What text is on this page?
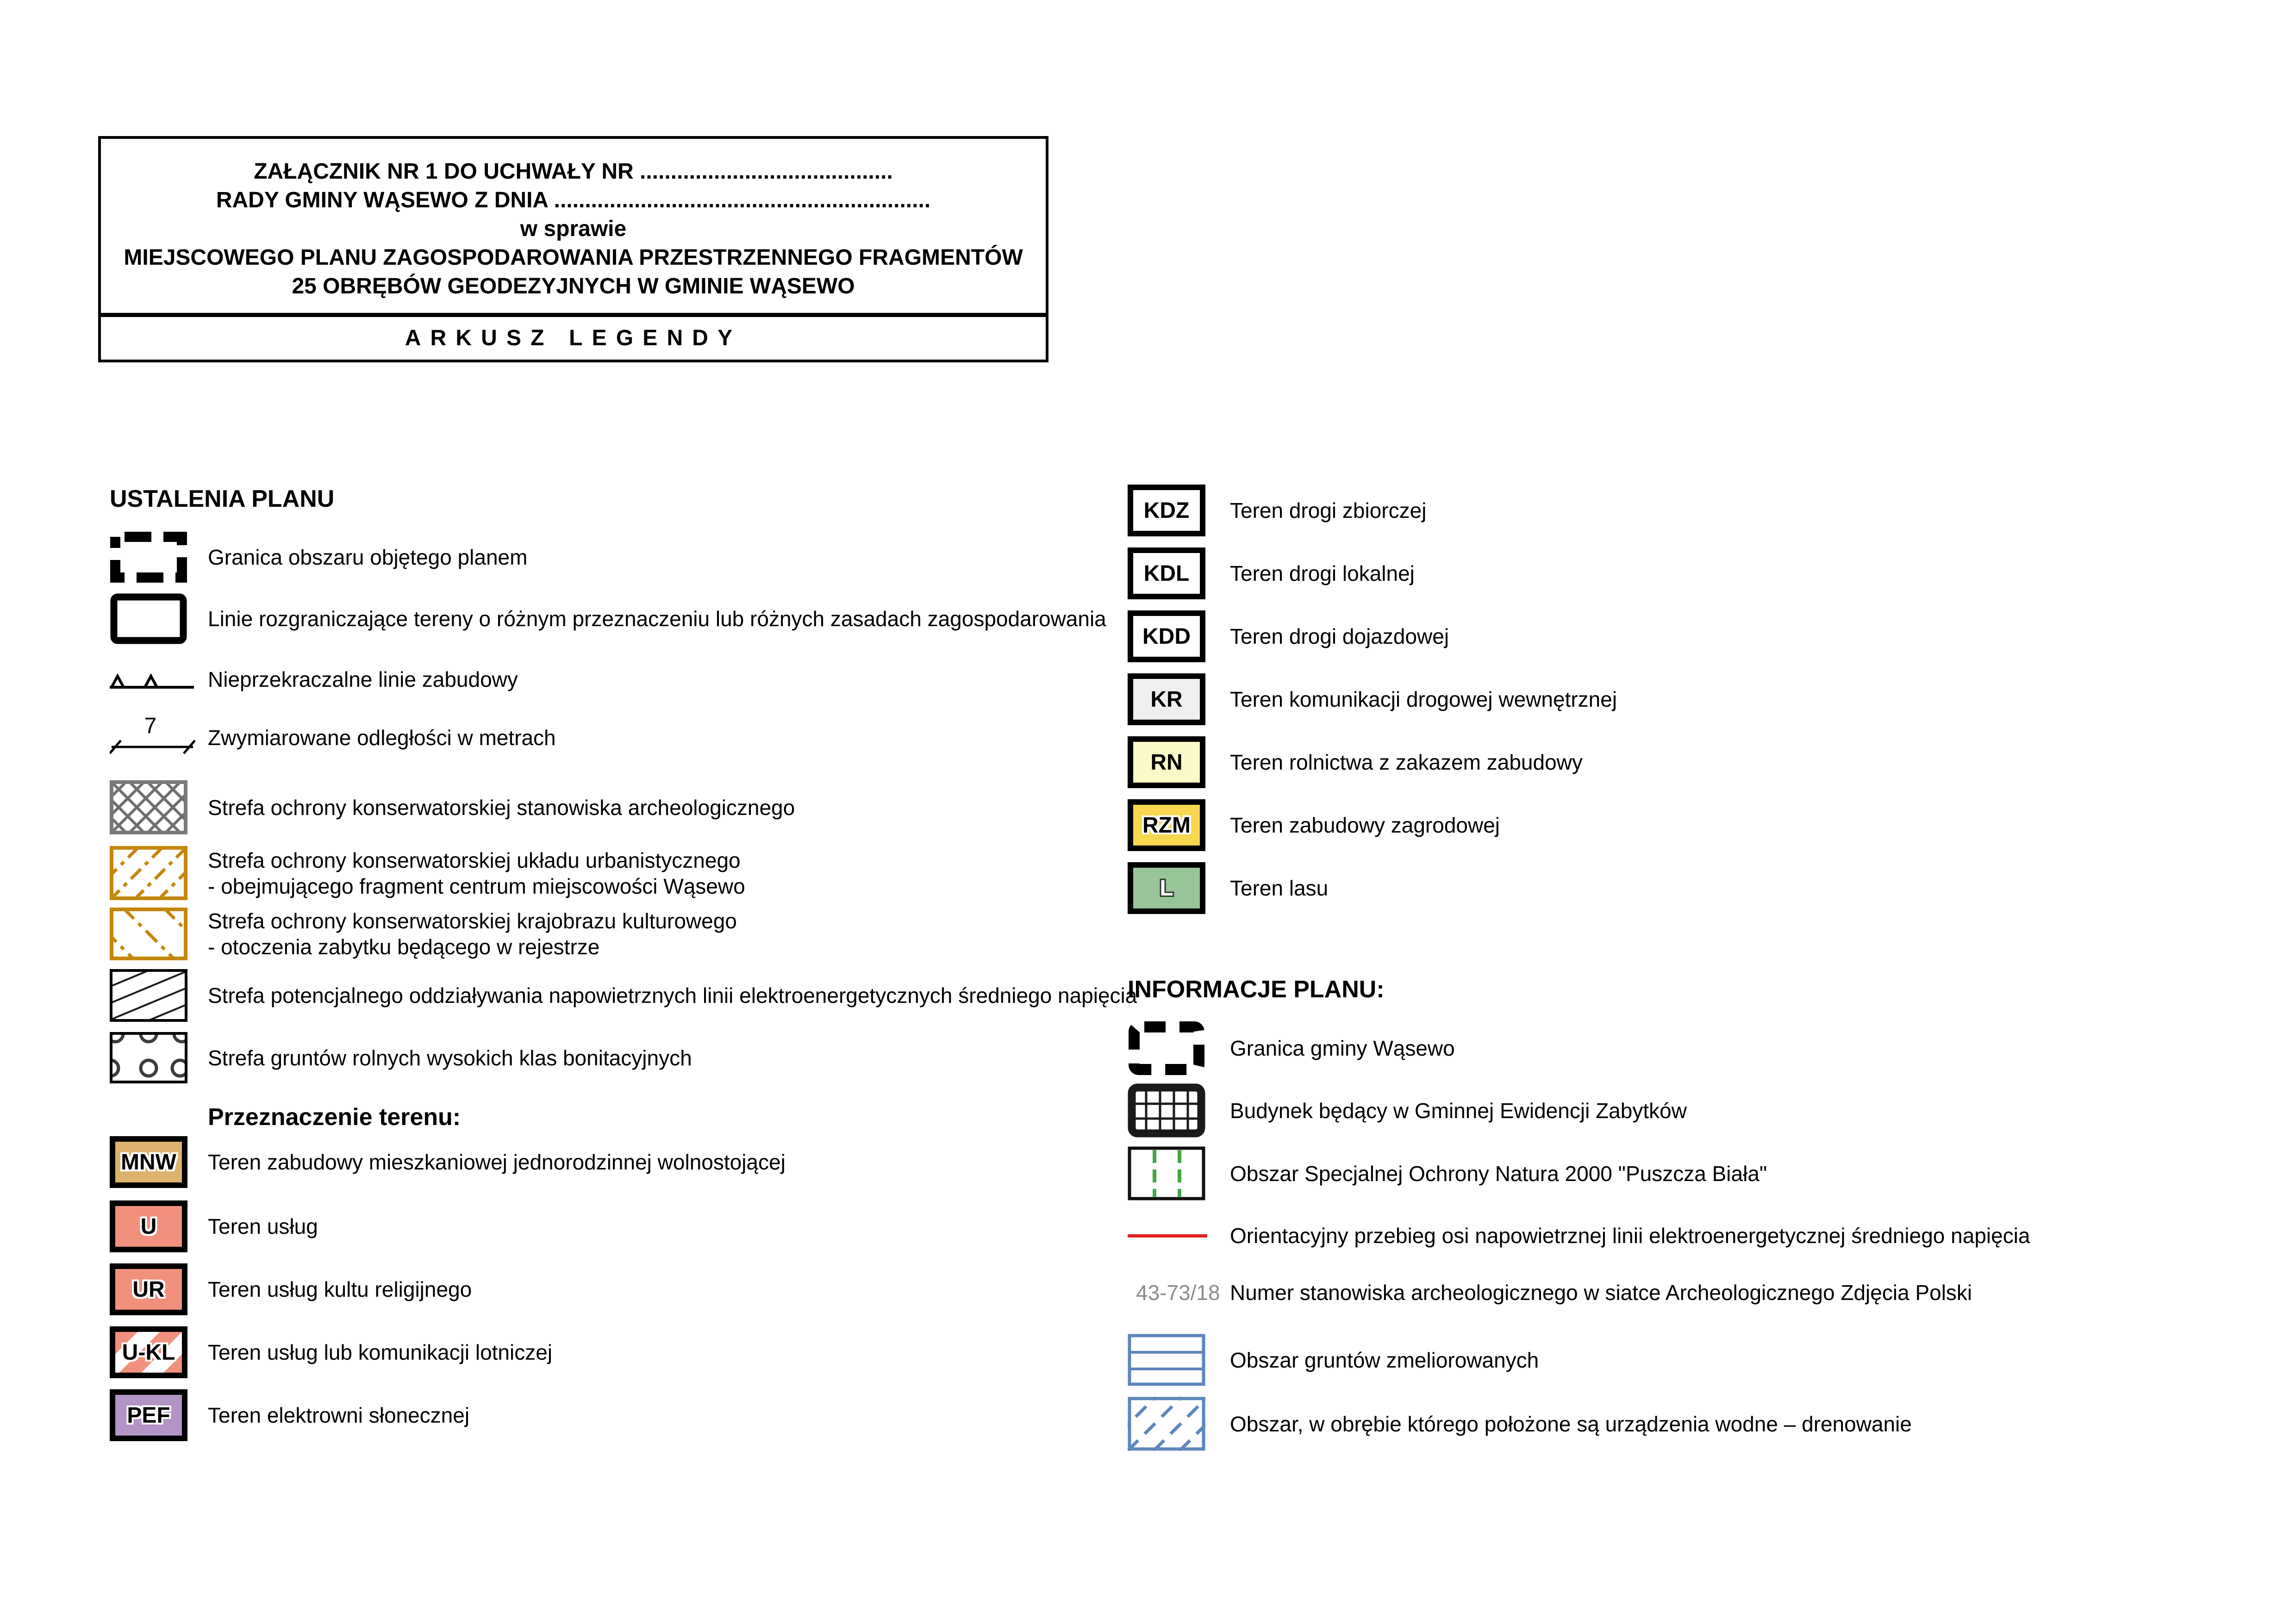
ZAŁĄCZNIK NR 1 DO UCHWAŁY NR .........................................
RADY GMINY WĄSEWO Z DNIA .............................................................
w sprawie
MIEJSCOWEGO PLANU ZAGOSPODAROWANIA PRZESTRZENNEGO FRAGMENTÓW
25 OBRĘBÓW GEODEZYJNYCH W GMINIE WĄSEWO
ARKUSZ LEGENDY
USTALENIA PLANU
Granica obszaru objętego planem
Linie rozgraniczające tereny o różnym przeznaczeniu lub różnych zasadach zagospodarowania
Nieprzekraczalne linie zabudowy
7 Zwymiarowane odległości w metrach
Strefa ochrony konserwatorskiej stanowiska archeologicznego
Strefa ochrony konserwatorskiej układu urbanistycznego
- obejmującego fragment centrum miejscowości Wąsewo
Strefa ochrony konserwatorskiej krajobrazu kulturowego
- otoczenia zabytku będącego w rejestrze
Strefa potencjalnego oddziaływania napowietrznych linii elektroenergetycznych średniego napięcia
Strefa gruntów rolnych wysokich klas bonitacyjnych
Przeznaczenie terenu:
MNW Teren zabudowy mieszkaniowej jednorodzinnej wolnostojącej
U Teren usług
UR Teren usług kultu religijnego
U-KL Teren usług lub komunikacji lotniczej
PEF Teren elektrowni słonecznej
KDZ Teren drogi zbiorczej
KDL Teren drogi lokalnej
KDD Teren drogi dojazdowej
KR Teren komunikacji drogowej wewnętrznej
RN Teren rolnictwa z zakazem zabudowy
RZM Teren zabudowy zagrodowej
L	Teren lasu
INFORMACJE PLANU:
Granica gminy Wąsewo
Budynek będący w Gminnej Ewidencji Zabytków
Obszar Specjalnej Ochrony Natura 2000 "Puszcza Biała"
Orientacyjny przebieg osi napowietrznej linii elektroenergetycznej średniego napięcia
43-73/18 Numer stanowiska archeologicznego w siatce Archeologicznego Zdjęcia Polski
Obszar gruntów zmeliorowanych
Obszar, w obrębie którego położone są urządzenia wodne – drenowanie
